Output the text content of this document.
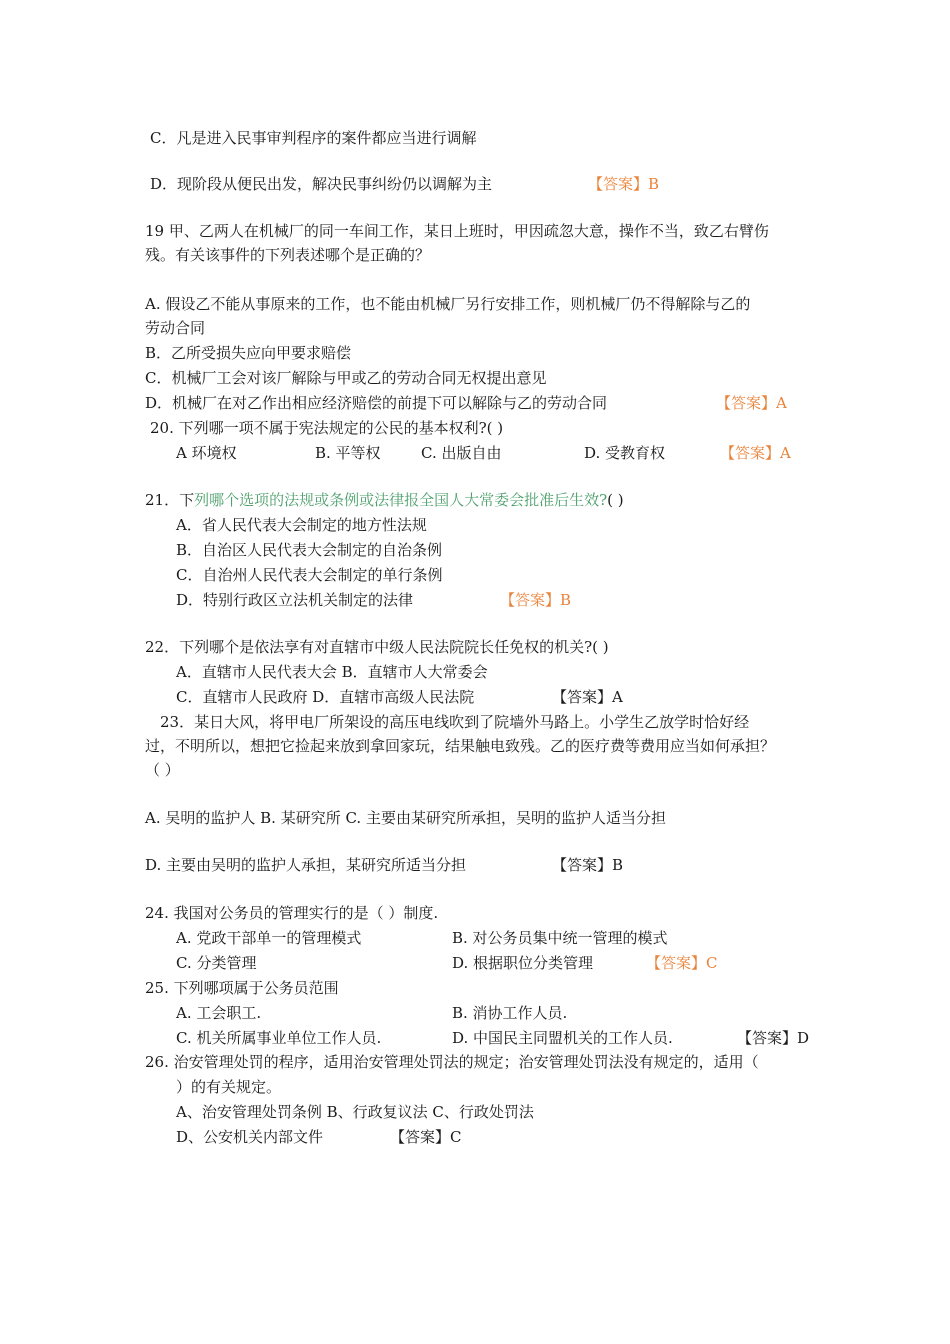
C．凡是进入民事审判程序的案件都应当进行调解
D．现阶段从便民出发，解决民事纠纷仍以调解为主	【答案】B
19 甲、乙两人在机械厂的同一车间工作，某日上班时，甲因疏忽大意，操作不当，致乙右臂伤
残。有关该事件的下列表述哪个是正确的？
A. 假设乙不能从事原来的工作，也不能由机械厂另行安排工作，则机械厂仍不得解除与乙的
劳动合同
B．乙所受损失应向甲要求赔偿
C．机械厂工会对该厂解除与甲或乙的劳动合同无权提出意见
D．机械厂在对乙作出相应经济赔偿的前提下可以解除与乙的劳动合同	【答案】A
20. 下列哪一项不属于宪法规定的公民的基本权利?( )
A 环境权	B. 平等权	C. 出版自由	D. 受教育权	【答案】A
21．下列哪个选项的法规或条例或法律报全国人大常委会批准后生效?( )
A．省人民代表大会制定的地方性法规
B．自治区人民代表大会制定的自治条例
C．自治州人民代表大会制定的单行条例
D．特别行政区立法机关制定的法律	【答案】B
22．下列哪个是依法享有对直辖市中级人民法院院长任免权的机关?( )
A．直辖市人民代表大会 B．直辖市人大常委会
C．直辖市人民政府 D．直辖市高级人民法院	【答案】A
23．某日大风，将甲电厂所架设的高压电线吹到了院墙外马路上。小学生乙放学时恰好经
过，不明所以，想把它捡起来放到拿回家玩，结果触电致残。乙的医疗费等费用应当如何承担？
（ ）
A. 吴明的监护人 B. 某研究所 C. 主要由某研究所承担，吴明的监护人适当分担
D. 主要由吴明的监护人承担，某研究所适当分担	【答案】B
24. 我国对公务员的管理实行的是（ ）制度.
A. 党政干部单一的管理模式	B. 对公务员集中统一管理的模式
C. 分类管理	D. 根据职位分类管理	【答案】C
25. 下列哪项属于公务员范围
A. 工会职工.	B. 消协工作人员.
C. 机关所属事业单位工作人员.	D. 中国民主同盟机关的工作人员.	【答案】D
26. 治安管理处罚的程序，适用治安管理处罚法的规定；治安管理处罚法没有规定的，适用（
）的有关规定。
A、治安管理处罚条例 B、行政复议法 C、行政处罚法
D、公安机关内部文件	【答案】C
